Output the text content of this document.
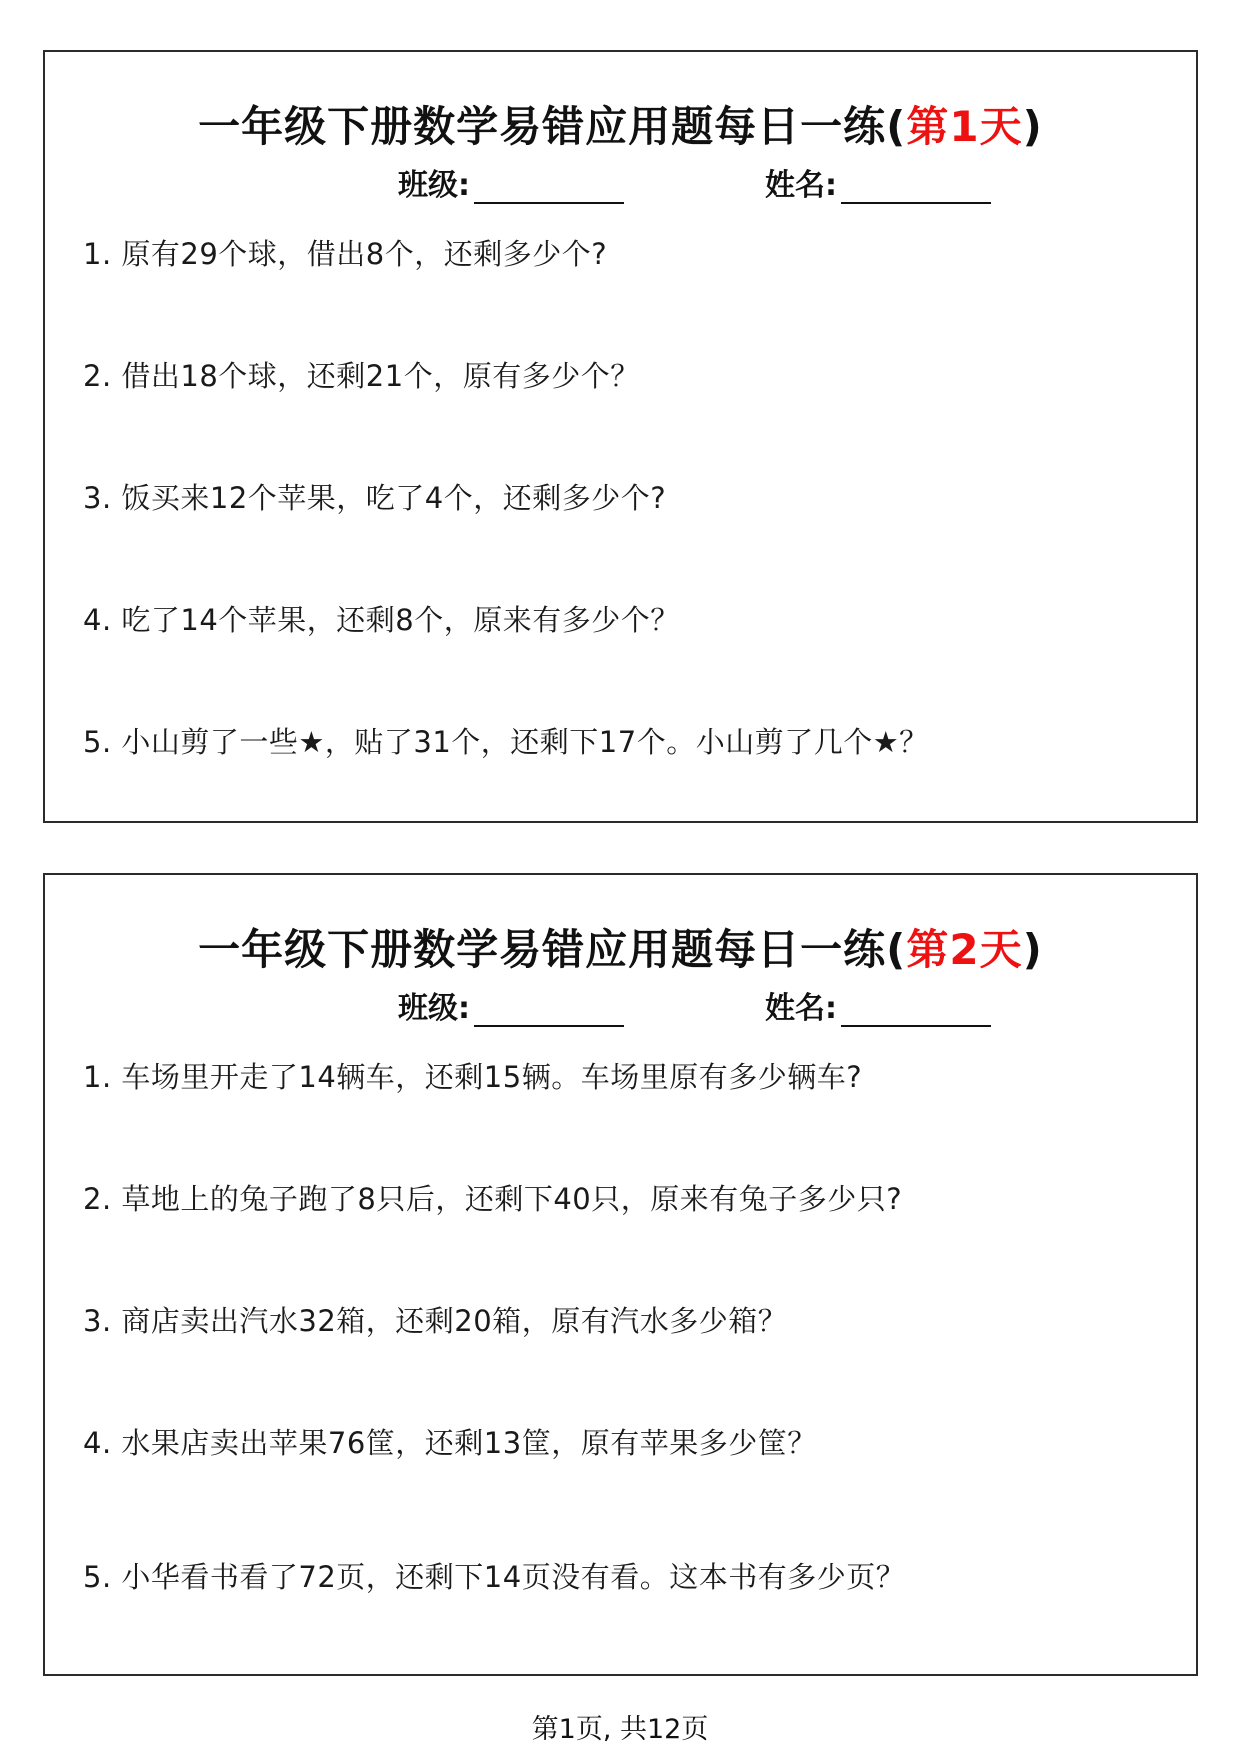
一年级下册数学易错应用题每日一练(第1天)
班级:	姓名:
1. 原有29个球，借出8个，还剩多少个?
2. 借出18个球，还剩21个，原有多少个？
3. 饭买来12个苹果，吃了4个，还剩多少个?
4. 吃了14个苹果，还剩8个，原来有多少个？
5. 小山剪了一些★，贴了31个，还剩下17个。小山剪了几个★？
一年级下册数学易错应用题每日一练(第2天)
班级:	姓名:
1. 车场里开走了14辆车，还剩15辆。车场里原有多少辆车?
2. 草地上的兔子跑了8只后，还剩下40只，原来有兔子多少只?
3. 商店卖出汽水32箱，还剩20箱，原有汽水多少箱？
4. 水果店卖出苹果76筐，还剩13筐，原有苹果多少筐？
5. 小华看书看了72页，还剩下14页没有看。这本书有多少页？
第1页, 共12页
